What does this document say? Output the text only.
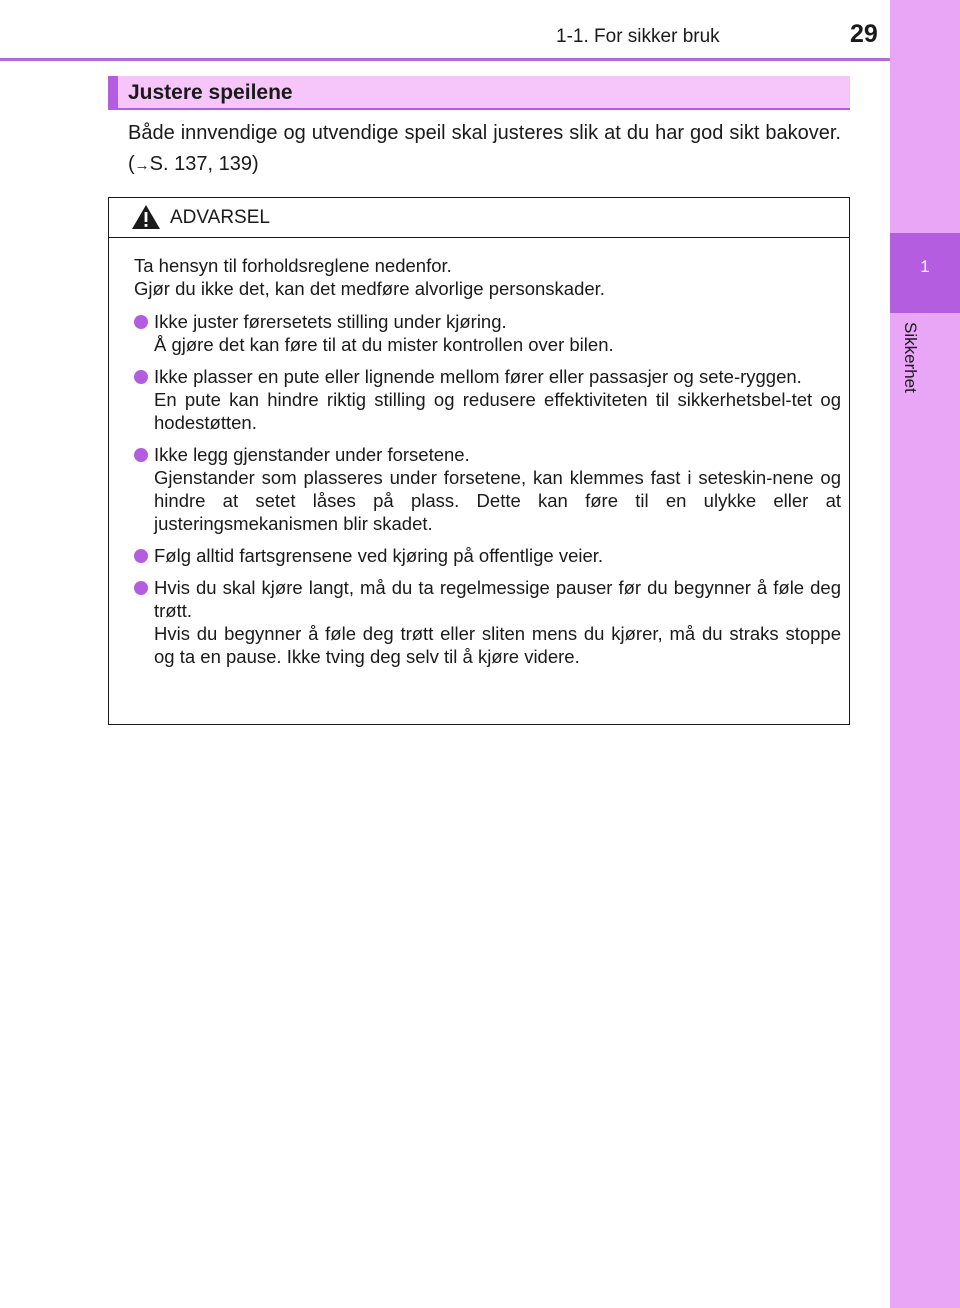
1-1. For sikker bruk	29
1
Sikkerhet
Justere speilene

Både innvendige og utvendige speil skal justeres slik at du har god sikt bakover. (→S. 137, 139)

ADVARSEL
Ta hensyn til forholdsreglene nedenfor.
Gjør du ikke det, kan det medføre alvorlige personskader.
Ikke juster førersetets stilling under kjøring.
Å gjøre det kan føre til at du mister kontrollen over bilen.
Ikke plasser en pute eller lignende mellom fører eller passasjer og sete-ryggen.
En pute kan hindre riktig stilling og redusere effektiviteten til sikkerhetsbel-tet og hodestøtten.
Ikke legg gjenstander under forsetene.
Gjenstander som plasseres under forsetene, kan klemmes fast i seteskin-nene og hindre at setet låses på plass. Dette kan føre til en ulykke eller at justeringsmekanismen blir skadet.
Følg alltid fartsgrensene ved kjøring på offentlige veier.
Hvis du skal kjøre langt, må du ta regelmessige pauser før du begynner å føle deg trøtt.
Hvis du begynner å føle deg trøtt eller sliten mens du kjører, må du straks stoppe og ta en pause. Ikke tving deg selv til å kjøre videre.
